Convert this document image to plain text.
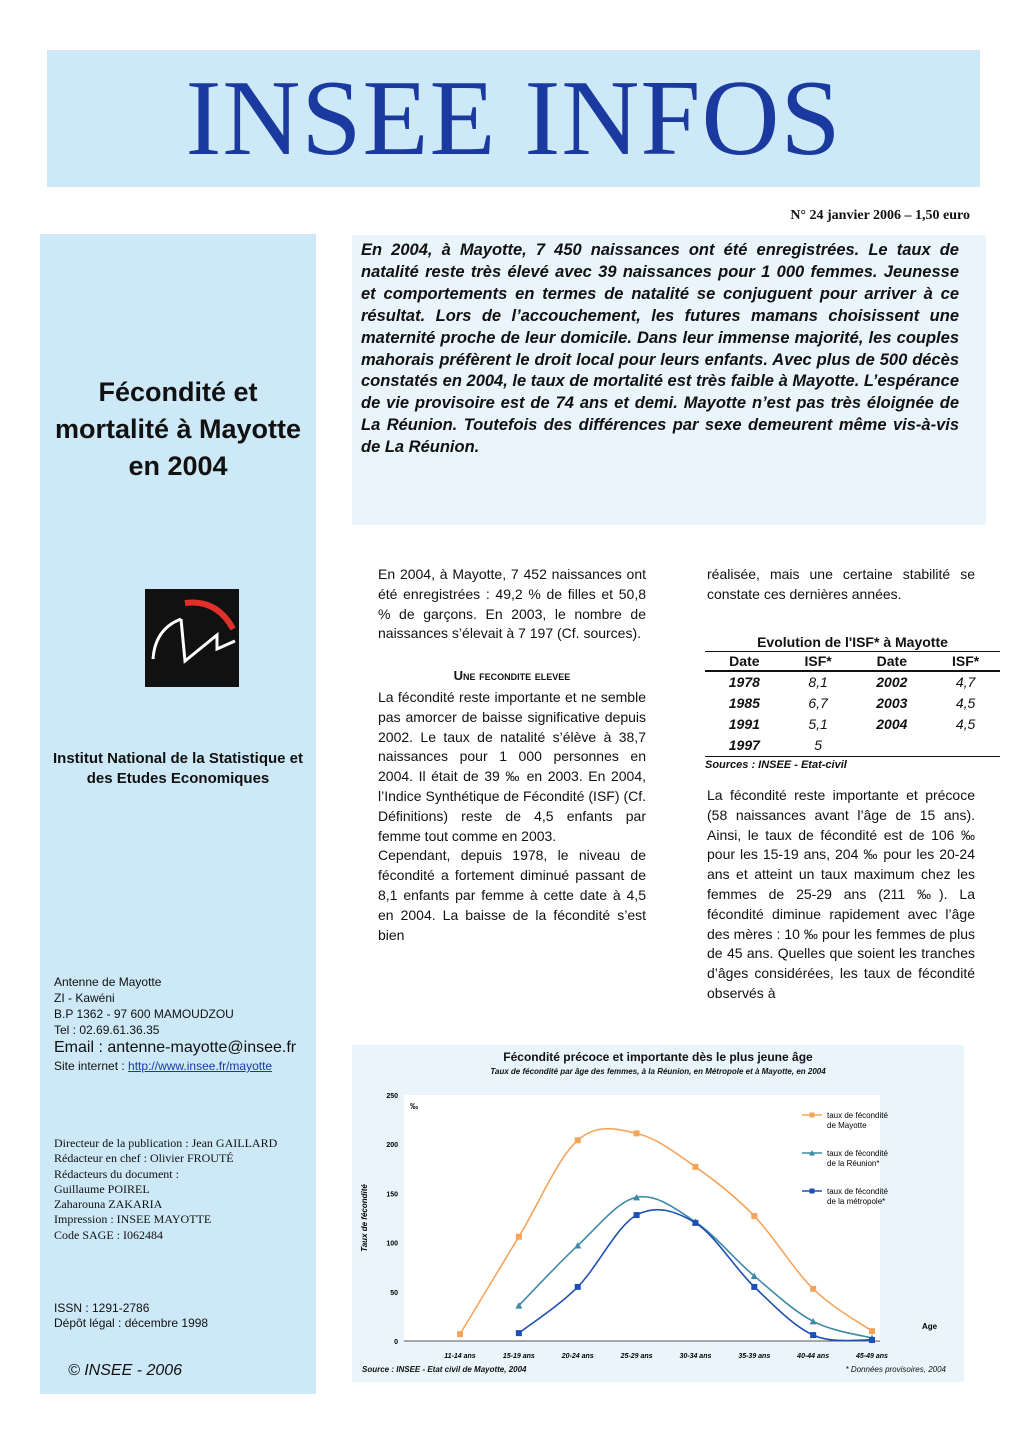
INSEE INFOS
N° 24 janvier 2006 – 1,50 euro
Fécondité et mortalité à Mayotte en 2004
Institut National de la Statistique et des Etudes Economiques
Antenne de Mayotte
ZI - Kawéni
B.P 1362 - 97 600 MAMOUDZOU
Tel : 02.69.61.36.35
Email : antenne-mayotte@insee.fr
Site internet : http://www.insee.fr/mayotte
Directeur de la publication : Jean GAILLARD
Rédacteur en chef : Olivier FROUTÉ
Rédacteurs du document :
Guillaume POIREL
Zaharouna ZAKARIA
Impression : INSEE MAYOTTE
Code SAGE : I062484
ISSN : 1291-2786
Dépôt légal : décembre 1998
© INSEE - 2006
En 2004, à Mayotte, 7 450 naissances ont été enregistrées. Le taux de natalité reste très élevé avec 39 naissances pour 1 000 femmes. Jeunesse et comportements en termes de natalité se conjuguent pour arriver à ce résultat. Lors de l’accouchement, les futures mamans choisissent une maternité proche de leur domicile. Dans leur immense majorité, les couples mahorais préfèrent le droit local pour leurs enfants. Avec plus de 500 décès constatés en 2004, le taux de mortalité est très faible à Mayotte. L’espérance de vie provisoire est de 74 ans et demi. Mayotte n’est pas très éloignée de La Réunion. Toutefois des différences par sexe demeurent même vis-à-vis de La Réunion.
En 2004, à Mayotte, 7 452 naissances ont été enregistrées : 49,2 % de filles et 50,8 % de garçons. En 2003, le nombre de naissances s’élevait à 7 197 (Cf. sources).
Une fecondite elevee
La fécondité reste importante et ne semble pas amorcer de baisse significative depuis 2002. Le taux de natalité s’élève à 38,7 naissances pour 1 000 personnes en 2004. Il était de 39 ‰ en 2003. En 2004, l’Indice Synthétique de Fécondité (ISF) (Cf. Définitions) reste de 4,5 enfants par femme tout comme en 2003.
Cependant, depuis 1978, le niveau de fécondité a fortement diminué passant de 8,1 enfants par femme à cette date à 4,5 en 2004. La baisse de la fécondité s’est bien
réalisée, mais une certaine stabilité se constate ces dernières années.
Evolution de l'ISF* à Mayotte
Date	ISF*	Date	ISF*
1978	8,1	2002	4,7
1985	6,7	2003	4,5
1991	5,1	2004	4,5
1997	5		
Sources : INSEE - Etat-civil
La fécondité reste importante et précoce (58 naissances avant l’âge de 15 ans). Ainsi, le taux de fécondité est de 106 ‰ pour les 15-19 ans, 204 ‰ pour les 20-24 ans et atteint un taux maximum chez les femmes de 25-29 ans (211 ‰). La fécondité diminue rapidement avec l’âge des mères : 10 ‰ pour les femmes de plus de 45 ans. Quelles que soient les tranches d’âges considérées, les taux de fécondité observés à
Fécondité précoce et importante dès le plus jeune âge
Taux de fécondité par âge des femmes, à la Réunion, en Métropole et à Mayotte, en 2004
0
50
100
150
200
250
‰
Taux de fécondité
Age
11-14 ans	15-19 ans	20-24 ans	25-29 ans	30-34 ans	35-39 ans	40-44 ans	45-49 ans
taux de fécondité
de Mayotte
taux de fécondité
de la Réunion*
taux de fécondité
de la métropole*
Source : INSEE - Etat civil de Mayotte, 2004	* Données provisoires, 2004
